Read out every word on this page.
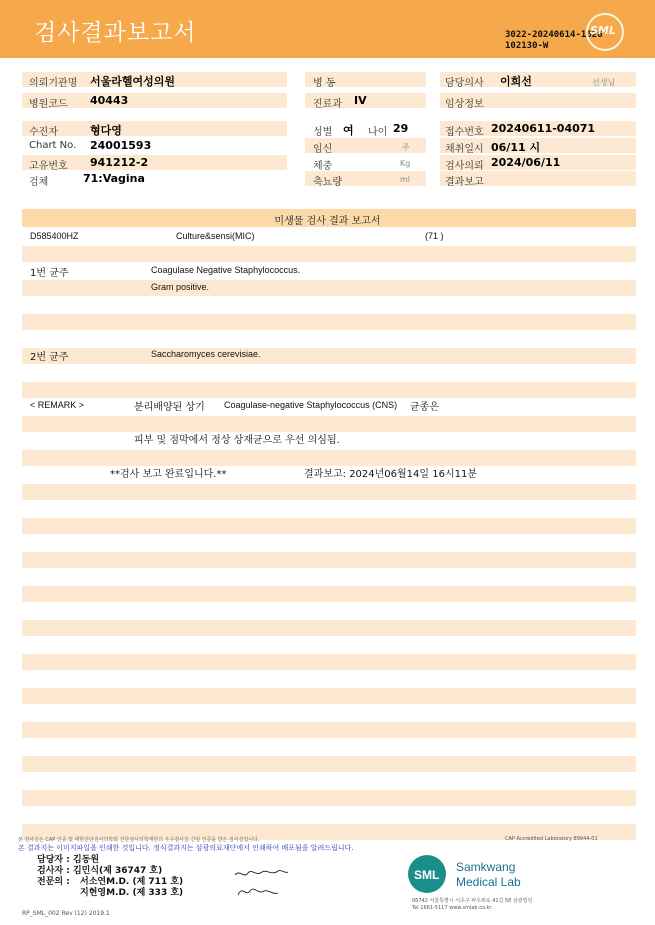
검사결과보고서	3022-20240614-1626
102130-W
SML
의뢰기관명 서울라헬여성의원	병 동	담당의사 이희선	선생님
병원코드 40443	진료과 IV	임상정보
수진자	형다영	성별 여 나이 29	접수번호 20240611-04071
Chart No. 24001593	임신	주	채취일시 06/11 시
고유번호 941212-2	체중	Kg	검사의뢰 2024/06/11
검체	71:Vagina	축뇨량	ml	결과보고
미생물 검사 결과 보고서
D585400HZ	Culture&sensi(MIC)	(71 )
1번 균주	Coagulase Negative Staphylococcus.
Gram positive.
2번 균주	Saccharomyces cerevisiae.
< REMARK >	분리배양된 상기 Coagulase-negative Staphylococcus (CNS) 균종은
피부 및 점막에서 정상 상재균으로 우선 의심됨.
**검사 보고 완료입니다.**	결과보고: 2024년06월14일 16시11분
본 검사실은 CAP 인증 및 대한진단검사의학회 진단검사의학재단의 우수검사실 신임 인증을 받은 검사실입니다.	CAP Accredited Laboratory 89944-01
본 결과지는 이미지파일을 인쇄한 것입니다. 정식결과지는 삼광의료재단에서 인쇄하여 배포됨을 알려드립니다.
담당자 : 김동원
검사자 : 김민식(제 36747 호)
전문의 : 서소연M.D. (제 711 호)
지현영M.D. (제 333 호)
SML
Samkwang
Medical Lab
06742 서울특별시 서초구 바우뫼로 41길 58 삼광빌딩
Tel 1661-5117 www.smlab.co.kr
RP_SML_002 Rev (12) 2019.1
